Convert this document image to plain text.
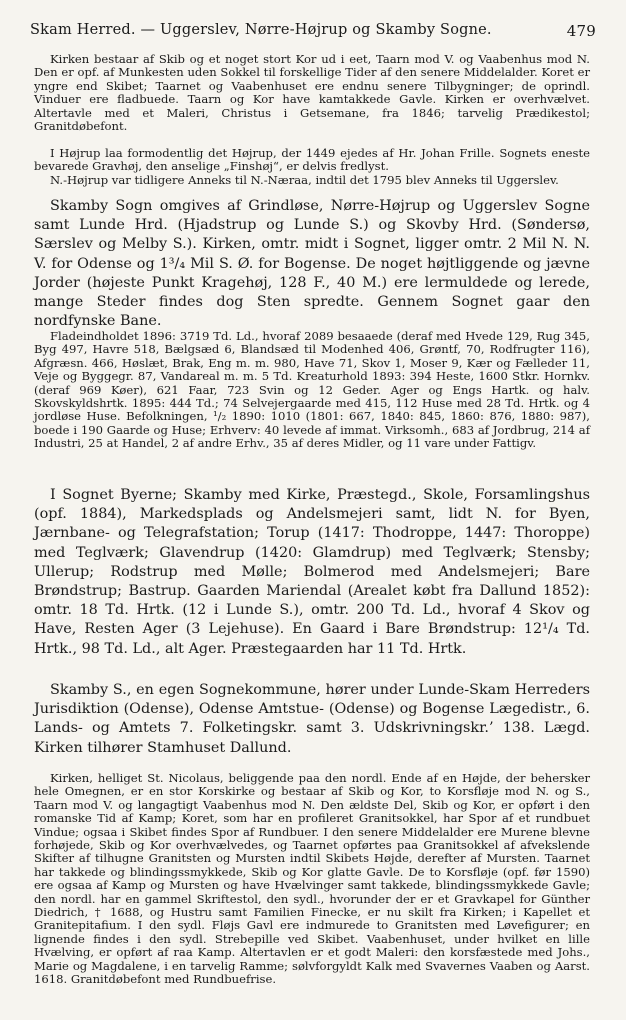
Skam Herred. — Uggerslev, Nørre-Højrup og Skamby Sogne.	479

Kirken bestaar af Skib og et noget stort Kor ud i eet, Taarn mod V. og Vaabenhus mod N. Den er opf. af Munkesten uden Sokkel til forskellige Tider af den senere Middelalder. Koret er yngre end Skibet; Taarnet og Vaabenhuset ere endnu senere Tilbygninger; de oprindl. Vinduer ere fladbuede. Taarn og Kor have kamtakkede Gavle. Kirken er overhvælvet. Altertavle med et Maleri, Christus i Getsemane, fra 1846; tarvelig Prædikestol; Granitdøbefont.

I Højrup laa formodentlig det Højrup, der 1449 ejedes af Hr. Johan Frille. Sognets eneste bevarede Gravhøj, den anselige „Finshøj“, er delvis fredlyst.

N.-Højrup var tidligere Anneks til N.-Næraa, indtil det 1795 blev Anneks til Uggerslev.

Skamby Sogn omgives af Grindløse, Nørre-Højrup og Uggerslev Sogne samt Lunde Hrd. (Hjadstrup og Lunde S.) og Skovby Hrd. (Søndersø, Særslev og Melby S.). Kirken, omtr. midt i Sognet, ligger omtr. 2 Mil N. N. V. for Odense og 1³/₄ Mil S. Ø. for Bogense. De noget højtliggende og jævne Jorder (højeste Punkt Kragehøj, 128 F., 40 M.) ere lermuldede og lerede, mange Steder findes dog Sten spredte. Gennem Sognet gaar den nordfynske Bane.

Fladeindholdet 1896: 3719 Td. Ld., hvoraf 2089 besaaede (deraf med Hvede 129, Rug 345, Byg 497, Havre 518, Bælgsæd 6, Blandsæd til Modenhed 406, Grøntf, 70, Rodfrugter 116), Afgræsn. 466, Høslæt, Brak, Eng m. m. 980, Have 71, Skov 1, Moser 9, Kær og Fælleder 11, Veje og Byggegr. 87, Vandareal m. m. 5 Td. Kreaturhold 1893: 394 Heste, 1600 Stkr. Hornkv. (deraf 969 Køer), 621 Faar, 723 Svin og 12 Geder. Ager og Engs Hartk. og halv. Skovskyldshrtk. 1895: 444 Td.; 74 Selvejergaarde med 415, 112 Huse med 28 Td. Hrtk. og 4 jordløse Huse. Befolkningen, ¹/₂ 1890: 1010 (1801: 667, 1840: 845, 1860: 876, 1880: 987), boede i 190 Gaarde og Huse; Erhverv: 40 levede af immat. Virksomh., 683 af Jordbrug, 214 af Industri, 25 at Handel, 2 af andre Erhv., 35 af deres Midler, og 11 vare under Fattigv.

I Sognet Byerne; Skamby med Kirke, Præstegd., Skole, Forsamlingshus (opf. 1884), Markedsplads og Andelsmejeri samt, lidt N. for Byen, Jærnbane- og Telegrafstation; Torup (1417: Thodroppe, 1447: Thoroppe) med Teglværk; Glavendrup (1420: Glamdrup) med Teglværk; Stensby; Ullerup; Rodstrup med Mølle; Bolmerod med Andelsmejeri; Bare Brøndstrup; Bastrup. Gaarden Mariendal (Arealet købt fra Dallund 1852): omtr. 18 Td. Hrtk. (12 i Lunde S.), omtr. 200 Td. Ld., hvoraf 4 Skov og Have, Resten Ager (3 Lejehuse). En Gaard i Bare Brøndstrup: 12¹/₄ Td. Hrtk., 98 Td. Ld., alt Ager. Præstegaarden har 11 Td. Hrtk.

Skamby S., en egen Sognekommune, hører under Lunde-Skam Herreders Jurisdiktion (Odense), Odense Amtstue- (Odense) og Bogense Lægedistr., 6. Lands- og Amtets 7. Folketingskr. samt 3. Udskrivningskr.’ 138. Lægd. Kirken tilhører Stamhuset Dallund.

Kirken, helliget St. Nicolaus, beliggende paa den nordl. Ende af en Højde, der behersker hele Omegnen, er en stor Korskirke og bestaar af Skib og Kor, to Korsfløje mod N. og S., Taarn mod V. og langagtigt Vaabenhus mod N. Den ældste Del, Skib og Kor, er opført i den romanske Tid af Kamp; Koret, som har en profileret Granitsokkel, har Spor af et rundbuet Vindue; ogsaa i Skibet findes Spor af Rundbuer. I den senere Middelalder ere Murene blevne forhøjede, Skib og Kor overhvælvedes, og Taarnet opførtes paa Granitsokkel af afvekslende Skifter af tilhugne Granitsten og Mursten indtil Skibets Højde, derefter af Mursten. Taarnet har takkede og blindingssmykkede, Skib og Kor glatte Gavle. De to Korsfløje (opf. før 1590) ere ogsaa af Kamp og Mursten og have Hvælvinger samt takkede, blindingssmykkede Gavle; den nordl. har en gammel Skriftestol, den sydl., hvorunder der er et Gravkapel for Günther Diedrich, † 1688, og Hustru samt Familien Finecke, er nu skilt fra Kirken; i Kapellet et Granitepitafium. I den sydl. Fløjs Gavl ere indmurede to Granitsten med Løvefigurer; en lignende findes i den sydl. Strebepille ved Skibet. Vaabenhuset, under hvilket en lille Hvælving, er opført af raa Kamp. Altertavlen er et godt Maleri: den korsfæstede med Johs., Marie og Magdalene, i en tarvelig Ramme; sølvforgyldt Kalk med Svavernes Vaaben og Aarst. 1618. Granitdøbefont med Rundbuefrise.
